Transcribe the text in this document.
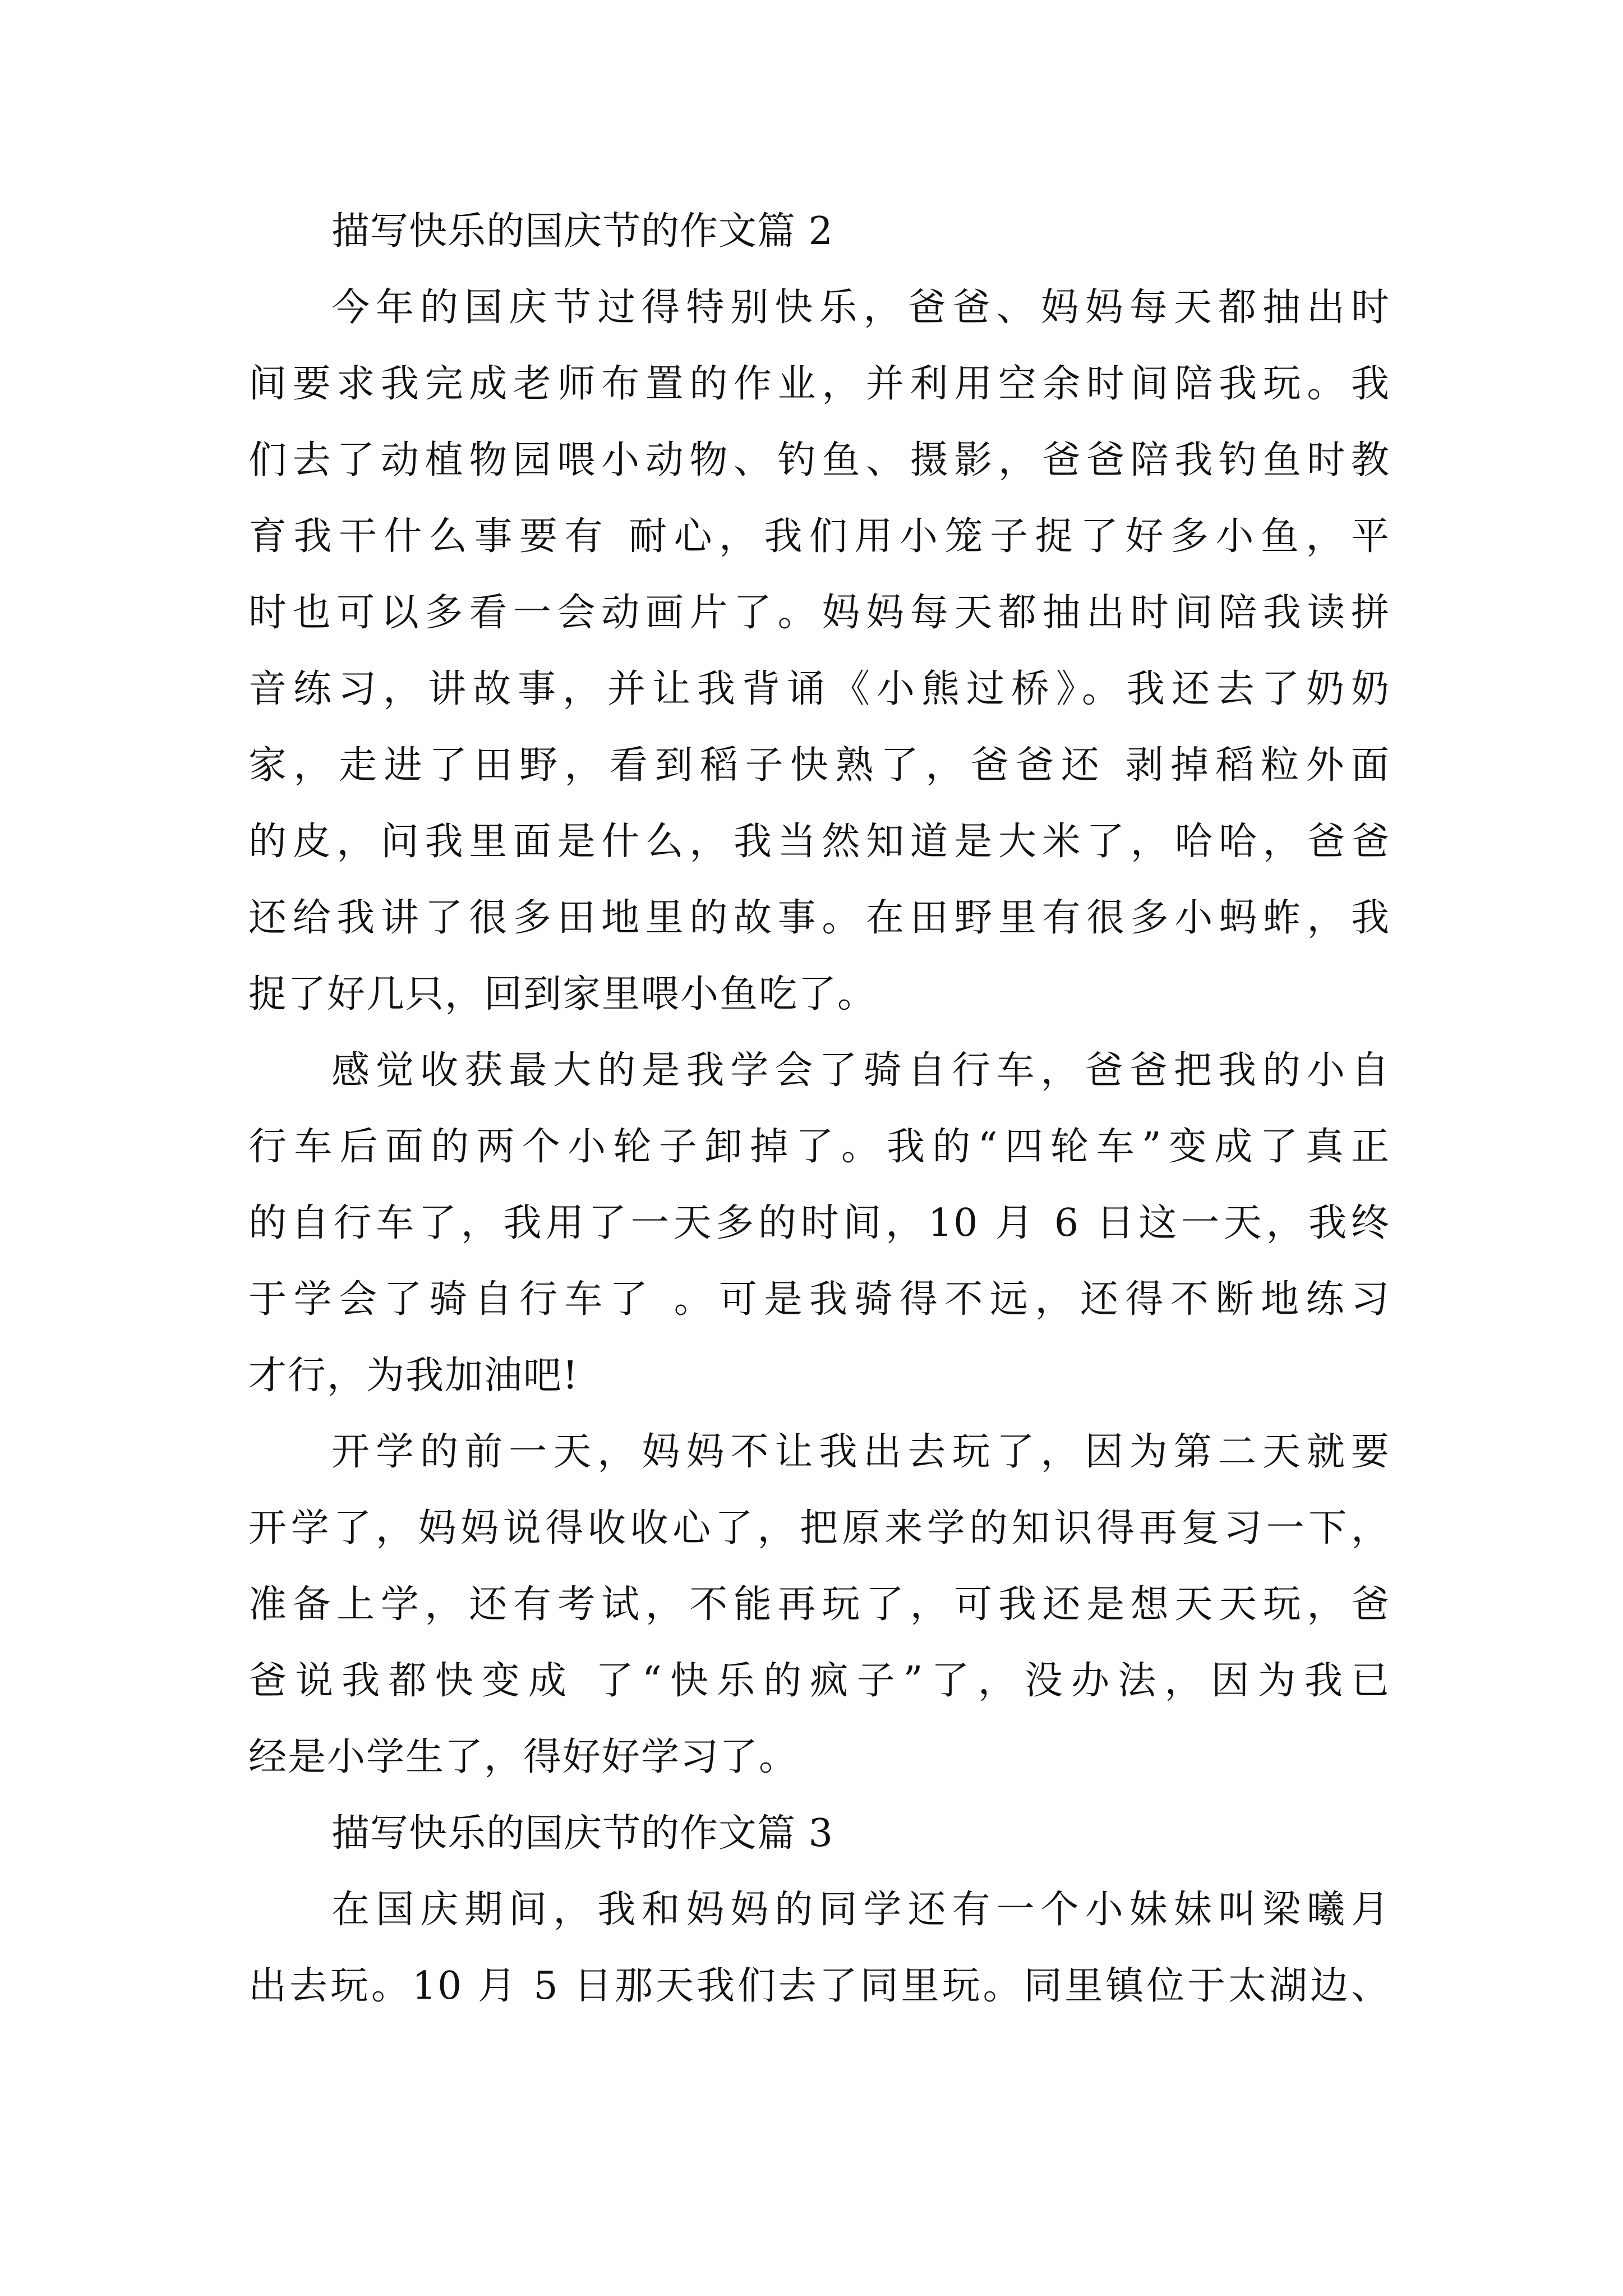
描写快乐的国庆节的作文篇 2
今年的国庆节过得特别快乐，爸爸、妈妈每天都抽出时
间要求我完成老师布置的作业，并利用空余时间陪我玩。我
们去了动植物园喂小动物、钓鱼、摄影，爸爸陪我钓鱼时教
育我干什么事要有 耐心，我们用小笼子捉了好多小鱼，平
时也可以多看一会动画片了。妈妈每天都抽出时间陪我读拼
音练习，讲故事，并让我背诵《小熊过桥》。我还去了奶奶
家，走进了田野，看到稻子快熟了，爸爸还 剥掉稻粒外面
的皮，问我里面是什么，我当然知道是大米了，哈哈，爸爸
还给我讲了很多田地里的故事。在田野里有很多小蚂蚱，我
捉了好几只，回到家里喂小鱼吃了。
感觉收获最大的是我学会了骑自行车，爸爸把我的小自
行车后面的两个小轮子卸掉了。我的“四轮车”变成了真正
的自行车了，我用了一天多的时间，10 月 6 日这一天，我终
于学会了骑自行车了 。可是我骑得不远，还得不断地练习
才行，为我加油吧!
开学的前一天，妈妈不让我出去玩了，因为第二天就要
开学了，妈妈说得收收心了，把原来学的知识得再复习一下，
准备上学，还有考试，不能再玩了，可我还是想天天玩，爸
爸说我都快变成 了“快乐的疯子”了，没办法，因为我已
经是小学生了，得好好学习了。
描写快乐的国庆节的作文篇 3
在国庆期间，我和妈妈的同学还有一个小妹妹叫梁曦月
出去玩。10 月 5 日那天我们去了同里玩。同里镇位于太湖边、
